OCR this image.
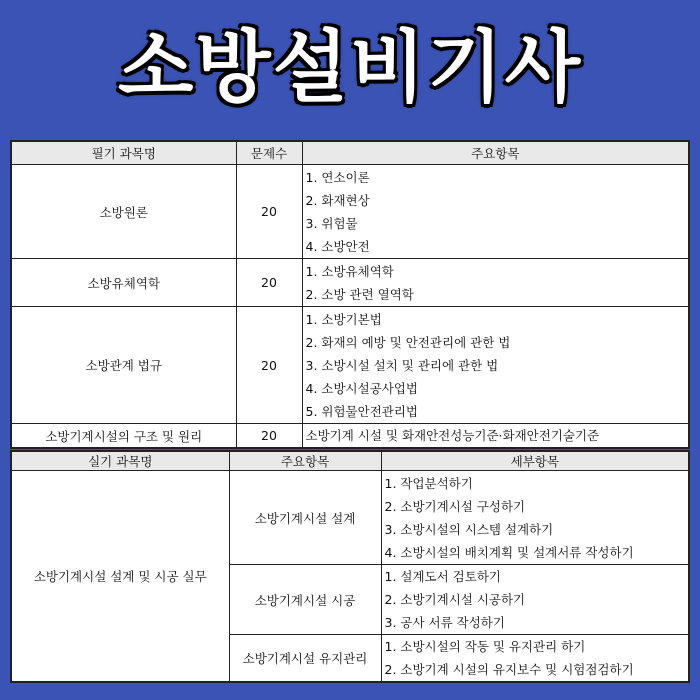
소방설비기사
필기 과목명	문제수	주요항목
소방원론	20	1. 연소이론
2. 화재현상
3. 위험물
4. 소방안전

소방유체역학	20	1. 소방유체역학
2. 소방 관련 열역학

소방관계 법규	20	1. 소방기본법
2. 화재의 예방 및 안전관리에 관한 법
3. 소방시설 설치 및 관리에 관한 법
4. 소방시설공사업법
5. 위험물안전관리법

소방기계시설의 구조 및 원리	20	소방기계 시설 및 화재안전성능기준·화재안전기술기준
실기 과목명	주요항목	세부항목
소방기계시설 설계 및 시공 실무	소방기계시설 설계	1. 작업분석하기
2. 소방기계시설 구성하기
3. 소방시설의 시스템 설계하기
4. 소방시설의 배치계획 및 설계서류 작성하기

	소방기계시설 시공	1. 설계도서 검토하기
2. 소방기계시설 시공하기
3. 공사 서류 작성하기

	소방기계시설 유지관리	1. 소방시설의 작동 및 유지관리 하기
2. 소방기계 시설의 유지보수 및 시험점검하기
